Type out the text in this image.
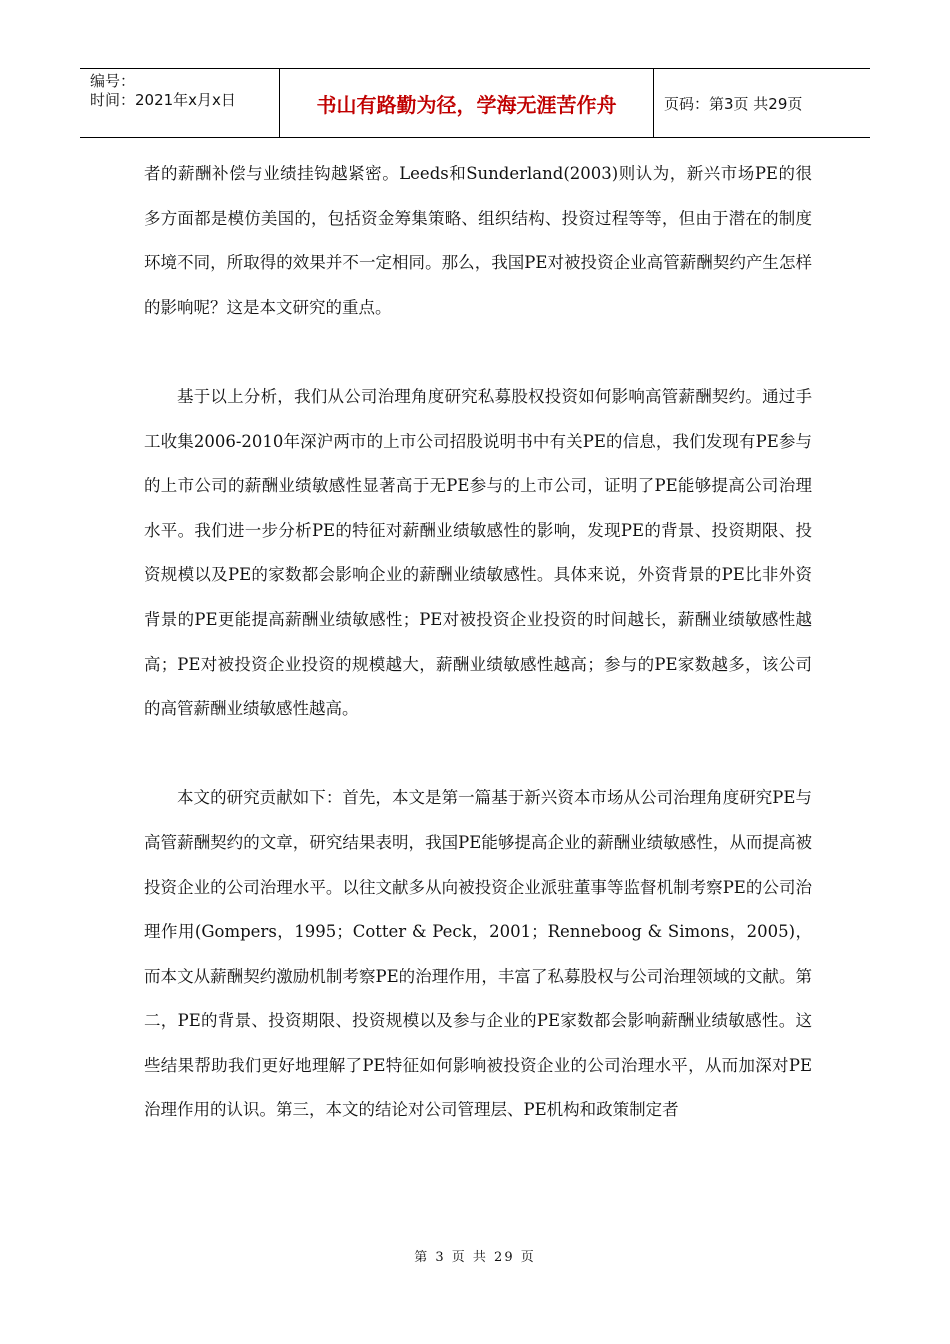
编号：
时间：2021年x月x日	书山有路勤为径，学海无涯苦作舟	页码：第3页 共29页

者的薪酬补偿与业绩挂钩越紧密。Leeds和Sunderland(2003)则认为，新兴市场PE的很多方面都是模仿美国的，包括资金筹集策略、组织结构、投资过程等等，但由于潜在的制度环境不同，所取得的效果并不一定相同。那么，我国PE对被投资企业高管薪酬契约产生怎样的影响呢？这是本文研究的重点。

基于以上分析，我们从公司治理角度研究私募股权投资如何影响高管薪酬契约。通过手工收集2006-2010年深沪两市的上市公司招股说明书中有关PE的信息，我们发现有PE参与的上市公司的薪酬业绩敏感性显著高于无PE参与的上市公司，证明了PE能够提高公司治理水平。我们进一步分析PE的特征对薪酬业绩敏感性的影响，发现PE的背景、投资期限、投资规模以及PE的家数都会影响企业的薪酬业绩敏感性。具体来说，外资背景的PE比非外资背景的PE更能提高薪酬业绩敏感性；PE对被投资企业投资的时间越长，薪酬业绩敏感性越高；PE对被投资企业投资的规模越大，薪酬业绩敏感性越高；参与的PE家数越多，该公司的高管薪酬业绩敏感性越高。

本文的研究贡献如下：首先，本文是第一篇基于新兴资本市场从公司治理角度研究PE与高管薪酬契约的文章，研究结果表明，我国PE能够提高企业的薪酬业绩敏感性，从而提高被投资企业的公司治理水平。以往文献多从向被投资企业派驻董事等监督机制考察PE的公司治理作用(Gompers，1995；Cotter & Peck，2001；Renneboog & Simons，2005)，而本文从薪酬契约激励机制考察PE的治理作用，丰富了私募股权与公司治理领域的文献。第二，PE的背景、投资期限、投资规模以及参与企业的PE家数都会影响薪酬业绩敏感性。这些结果帮助我们更好地理解了PE特征如何影响被投资企业的公司治理水平，从而加深对PE治理作用的认识。第三，本文的结论对公司管理层、PE机构和政策制定者

第 3 页 共 29 页
